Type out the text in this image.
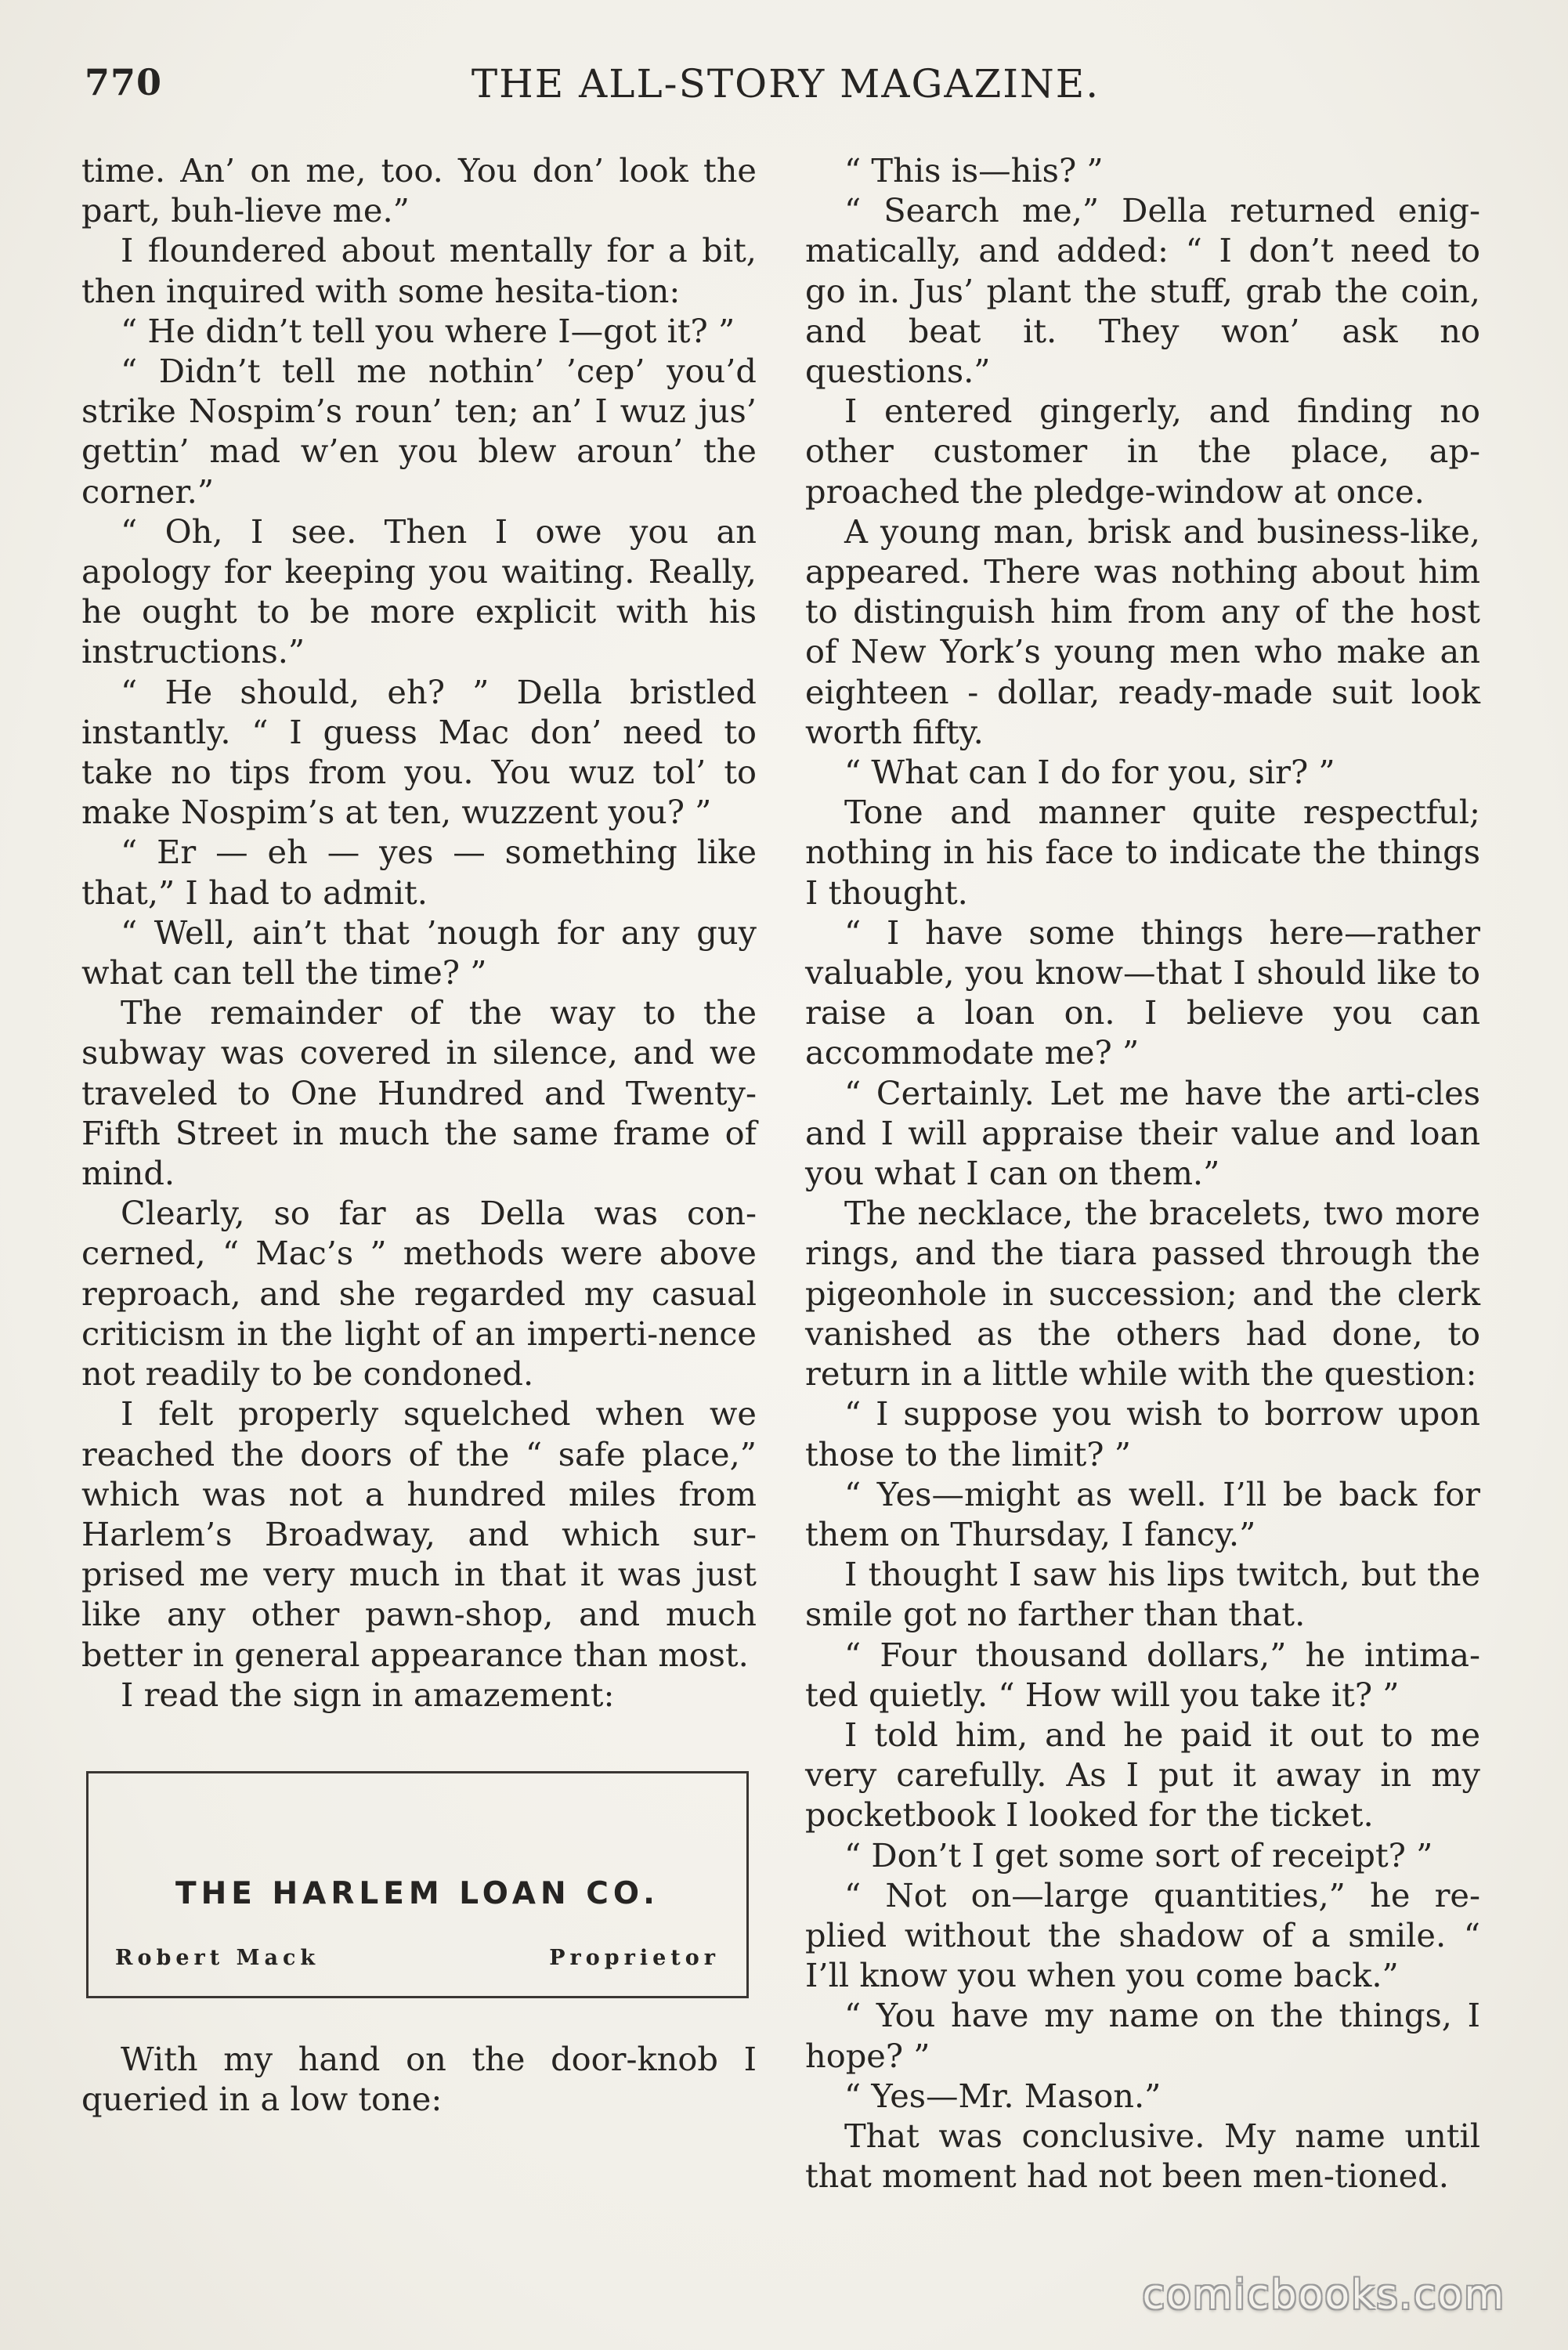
770	THE ALL-STORY MAGAZINE.

time. An’ on me, too. You don’ look the part, buh-lieve me.”

I floundered about mentally for a bit, then inquired with some hesita-tion:

“ He didn’t tell you where I—got it? ”

“ Didn’t tell me nothin’ ’cep’ you’d strike Nospim’s roun’ ten; an’ I wuz jus’ gettin’ mad w’en you blew aroun’ the corner.”

“ Oh, I see. Then I owe you an apology for keeping you waiting. Really, he ought to be more explicit with his instructions.”

“ He should, eh? ” Della bristled instantly. “ I guess Mac don’ need to take no tips from you. You wuz tol’ to make Nospim’s at ten, wuzzent you? ”

“ Er — eh — yes — something like that,” I had to admit.

“ Well, ain’t that ’nough for any guy what can tell the time? ”

The remainder of the way to the subway was covered in silence, and we traveled to One Hundred and Twenty-Fifth Street in much the same frame of mind.

Clearly, so far as Della was con-cerned, “ Mac’s ” methods were above reproach, and she regarded my casual criticism in the light of an imperti-nence not readily to be condoned.

I felt properly squelched when we reached the doors of the “ safe place,” which was not a hundred miles from Harlem’s Broadway, and which sur-prised me very much in that it was just like any other pawn-shop, and much better in general appearance than most.

I read the sign in amazement:

THE HARLEM LOAN CO.
Robert Mack	Proprietor

With my hand on the door-knob I queried in a low tone:

“ This is—his? ”

“ Search me,” Della returned enig-matically, and added: “ I don’t need to go in. Jus’ plant the stuff, grab the coin, and beat it. They won’ ask no questions.”

I entered gingerly, and finding no other customer in the place, ap-proached the pledge-window at once.

A young man, brisk and business-like, appeared. There was nothing about him to distinguish him from any of the host of New York’s young men who make an eighteen - dollar, ready-made suit look worth fifty.

“ What can I do for you, sir? ”

Tone and manner quite respectful; nothing in his face to indicate the things I thought.

“ I have some things here—rather valuable, you know—that I should like to raise a loan on. I believe you can accommodate me? ”

“ Certainly. Let me have the arti-cles and I will appraise their value and loan you what I can on them.”

The necklace, the bracelets, two more rings, and the tiara passed through the pigeonhole in succession; and the clerk vanished as the others had done, to return in a little while with the question:

“ I suppose you wish to borrow upon those to the limit? ”

“ Yes—might as well. I’ll be back for them on Thursday, I fancy.”

I thought I saw his lips twitch, but the smile got no farther than that.

“ Four thousand dollars,” he intima-ted quietly. “ How will you take it? ”

I told him, and he paid it out to me very carefully. As I put it away in my pocketbook I looked for the ticket.

“ Don’t I get some sort of receipt? ”

“ Not on—large quantities,” he re-plied without the shadow of a smile. “ I’ll know you when you come back.”

“ You have my name on the things, I hope? ”

“ Yes—Mr. Mason.”

That was conclusive. My name until that moment had not been men-tioned.

comicbooks.com
